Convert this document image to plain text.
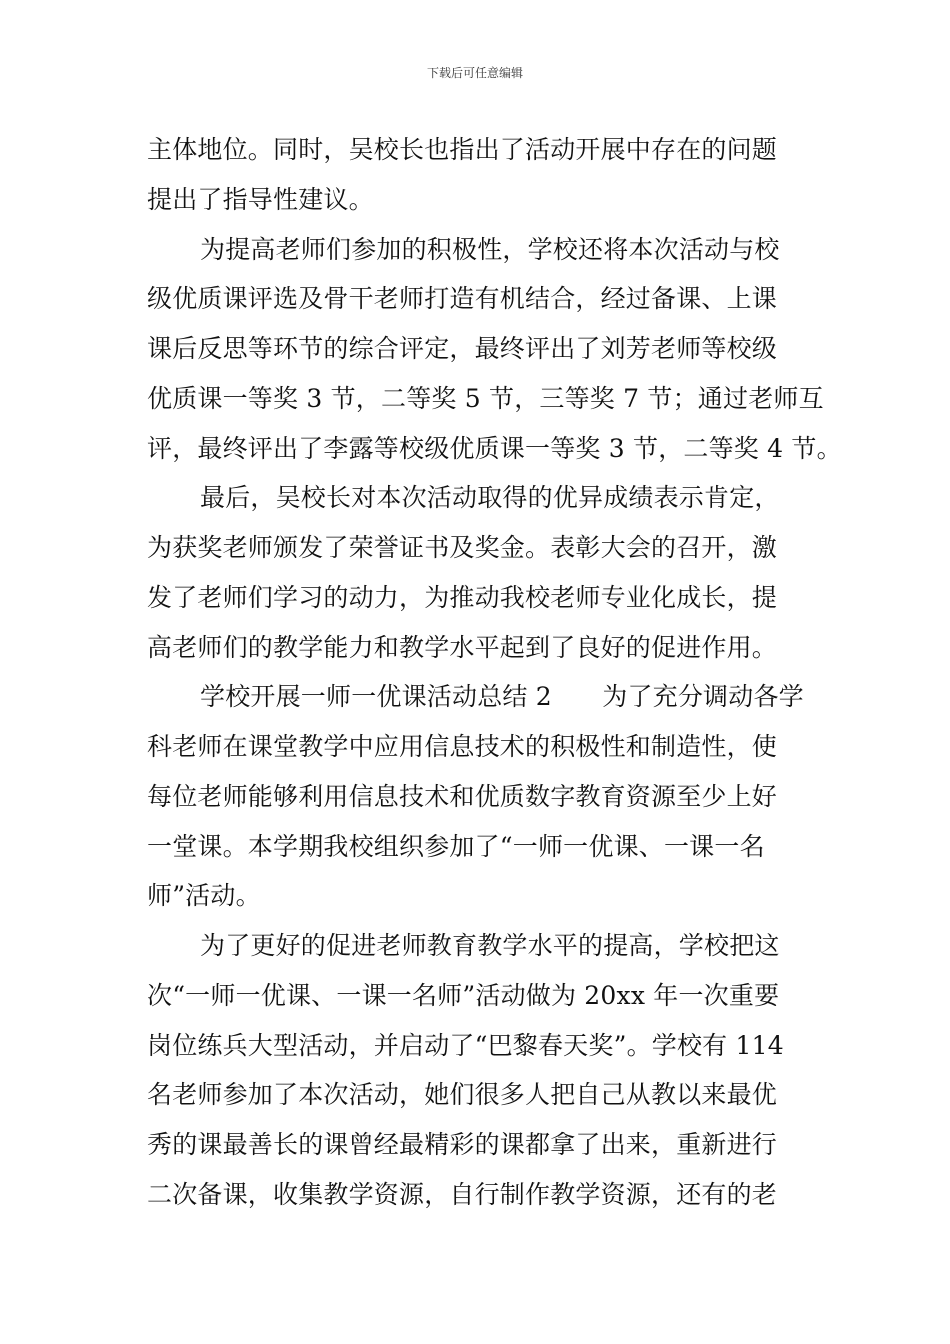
下载后可任意编辑
主体地位。同时，吴校长也指出了活动开展中存在的问题
提出了指导性建议。
为提高老师们参加的积极性，学校还将本次活动与校
级优质课评选及骨干老师打造有机结合，经过备课、上课
课后反思等环节的综合评定，最终评出了刘芳老师等校级
优质课一等奖 3 节，二等奖 5 节，三等奖 7 节；通过老师互
评，最终评出了李露等校级优质课一等奖 3 节，二等奖 4 节。
最后，吴校长对本次活动取得的优异成绩表示肯定，
为获奖老师颁发了荣誉证书及奖金。表彰大会的召开，激
发了老师们学习的动力，为推动我校老师专业化成长，提
高老师们的教学能力和教学水平起到了良好的促进作用。
学校开展一师一优课活动总结 2　　为了充分调动各学
科老师在课堂教学中应用信息技术的积极性和制造性，使
每位老师能够利用信息技术和优质数字教育资源至少上好
一堂课。本学期我校组织参加了“一师一优课、一课一名
师”活动。
为了更好的促进老师教育教学水平的提高，学校把这
次“一师一优课、一课一名师”活动做为 20xx 年一次重要
岗位练兵大型活动，并启动了“巴黎春天奖”。学校有 114
名老师参加了本次活动，她们很多人把自己从教以来最优
秀的课最善长的课曾经最精彩的课都拿了出来，重新进行
二次备课，收集教学资源，自行制作教学资源，还有的老
